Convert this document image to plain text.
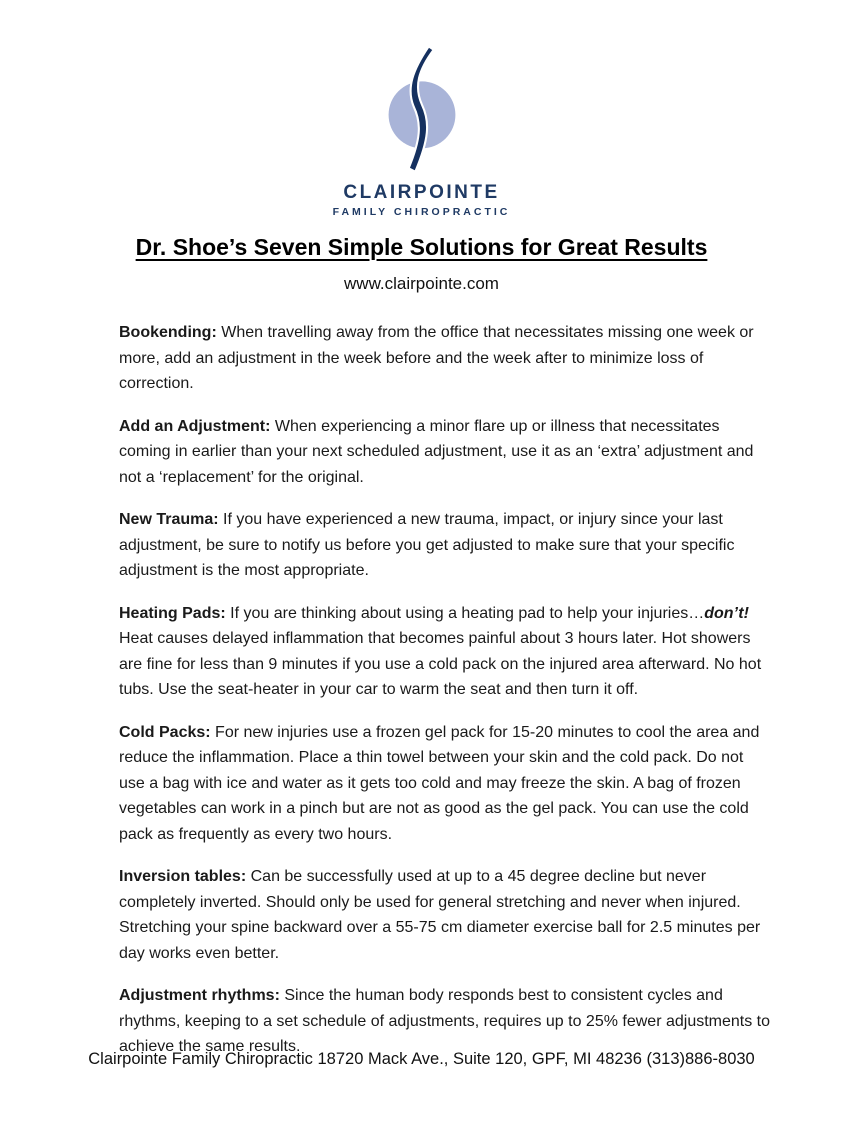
CLAIRPOINTE
FAMILY CHIROPRACTIC
Dr. Shoe’s Seven Simple Solutions for Great Results
www.clairpointe.com

Bookending: When travelling away from the office that necessitates missing one week or more, add an adjustment in the week before and the week after to minimize loss of correction.

Add an Adjustment: When experiencing a minor flare up or illness that necessitates coming in earlier than your next scheduled adjustment, use it as an ‘extra’ adjustment and not a ‘replacement’ for the original.

New Trauma: If you have experienced a new trauma, impact, or injury since your last adjustment, be sure to notify us before you get adjusted to make sure that your specific adjustment is the most appropriate.

Heating Pads: If you are thinking about using a heating pad to help your injuries…don’t! Heat causes delayed inflammation that becomes painful about 3 hours later. Hot showers are fine for less than 9 minutes if you use a cold pack on the injured area afterward. No hot tubs. Use the seat-heater in your car to warm the seat and then turn it off.

Cold Packs: For new injuries use a frozen gel pack for 15-20 minutes to cool the area and reduce the inflammation. Place a thin towel between your skin and the cold pack. Do not use a bag with ice and water as it gets too cold and may freeze the skin. A bag of frozen vegetables can work in a pinch but are not as good as the gel pack. You can use the cold pack as frequently as every two hours.

Inversion tables: Can be successfully used at up to a 45 degree decline but never completely inverted. Should only be used for general stretching and never when injured. Stretching your spine backward over a 55-75 cm diameter exercise ball for 2.5 minutes per day works even better.

Adjustment rhythms: Since the human body responds best to consistent cycles and rhythms, keeping to a set schedule of adjustments, requires up to 25% fewer adjustments to achieve the same results.

Clairpointe Family Chiropractic 18720 Mack Ave., Suite 120, GPF, MI 48236 (313)886-8030
